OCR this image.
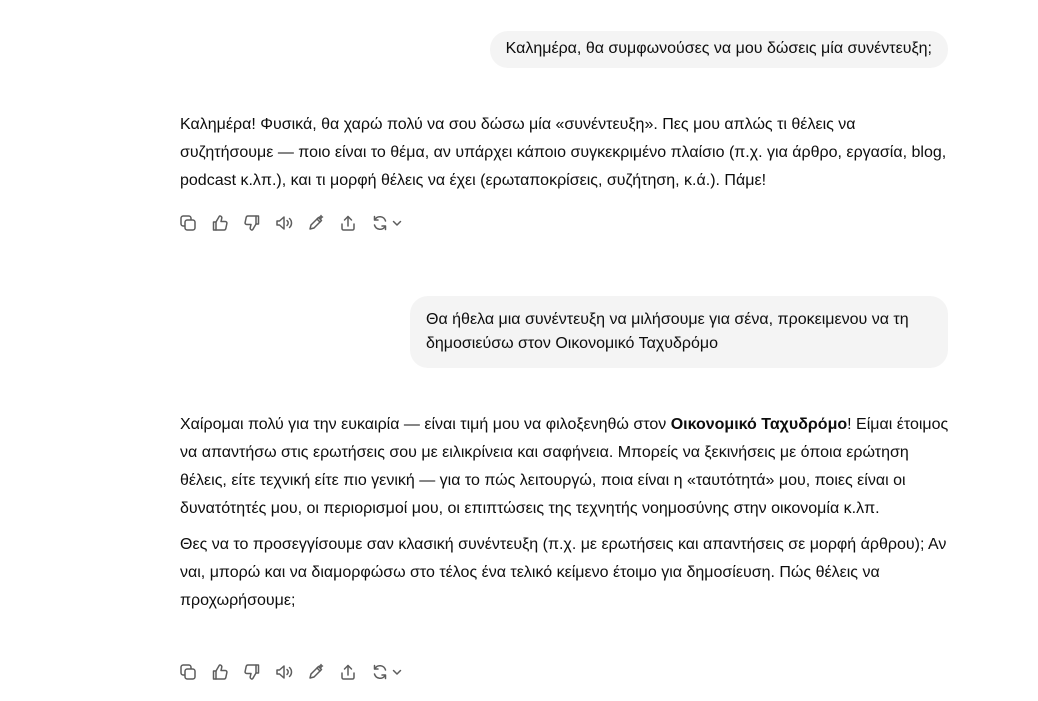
Καλημέρα, θα συμφωνούσες να μου δώσεις μία συνέντευξη;

Καλημέρα! Φυσικά, θα χαρώ πολύ να σου δώσω μία «συνέντευξη». Πες μου απλώς τι θέλεις να συζητήσουμε — ποιο είναι το θέμα, αν υπάρχει κάποιο συγκεκριμένο πλαίσιο (π.χ. για άρθρο, εργασία, blog, podcast κ.λπ.), και τι μορφή θέλεις να έχει (ερωταποκρίσεις, συζήτηση, κ.ά.). Πάμε!

Θα ήθελα μια συνέντευξη να μιλήσουμε για σένα, προκειμενου να τη δημοσιεύσω στον Οικονομικό Ταχυδρόμο

Χαίρομαι πολύ για την ευκαιρία — είναι τιμή μου να φιλοξενηθώ στον Οικονομικό Ταχυδρόμο! Είμαι έτοιμος να απαντήσω στις ερωτήσεις σου με ειλικρίνεια και σαφήνεια. Μπορείς να ξεκινήσεις με όποια ερώτηση θέλεις, είτε τεχνική είτε πιο γενική — για το πώς λειτουργώ, ποια είναι η «ταυτότητά» μου, ποιες είναι οι δυνατότητές μου, οι περιορισμοί μου, οι επιπτώσεις της τεχνητής νοημοσύνης στην οικονομία κ.λπ.

Θες να το προσεγγίσουμε σαν κλασική συνέντευξη (π.χ. με ερωτήσεις και απαντήσεις σε μορφή άρθρου); Αν ναι, μπορώ και να διαμορφώσω στο τέλος ένα τελικό κείμενο έτοιμο για δημοσίευση. Πώς θέλεις να προχωρήσουμε;
